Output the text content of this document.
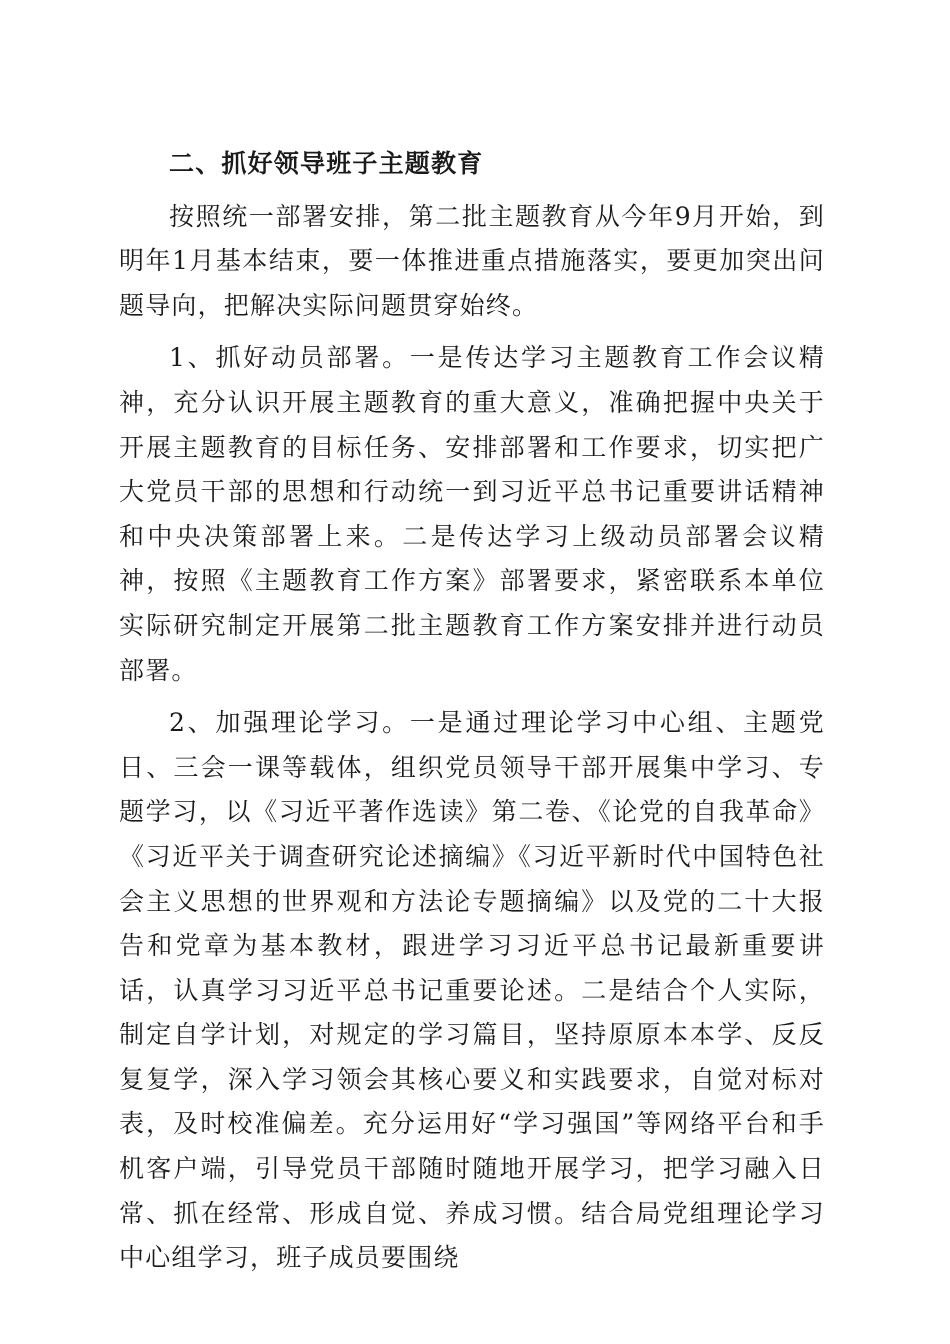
二、抓好领导班子主题教育

按照统一部署安排，第二批主题教育从今年9月开始，到明年1月基本结束，要一体推进重点措施落实，要更加突出问题导向，把解决实际问题贯穿始终。

1、抓好动员部署。一是传达学习主题教育工作会议精神，充分认识开展主题教育的重大意义，准确把握中央关于开展主题教育的目标任务、安排部署和工作要求，切实把广大党员干部的思想和行动统一到习近平总书记重要讲话精神和中央决策部署上来。二是传达学习上级动员部署会议精神，按照《主题教育工作方案》部署要求，紧密联系本单位实际研究制定开展第二批主题教育工作方案安排并进行动员部署。

2、加强理论学习。一是通过理论学习中心组、主题党日、三会一课等载体，组织党员领导干部开展集中学习、专题学习，以《习近平著作选读》第二卷、《论党的自我革命》《习近平关于调查研究论述摘编》《习近平新时代中国特色社会主义思想的世界观和方法论专题摘编》以及党的二十大报告和党章为基本教材，跟进学习习近平总书记最新重要讲话，认真学习习近平总书记重要论述。二是结合个人实际，制定自学计划，对规定的学习篇目，坚持原原本本学、反反复复学，深入学习领会其核心要义和实践要求，自觉对标对表，及时校准偏差。充分运用好“学习强国”等网络平台和手机客户端，引导党员干部随时随地开展学习，把学习融入日常、抓在经常、形成自觉、养成习惯。结合局党组理论学习中心组学习，班子成员要围绕
